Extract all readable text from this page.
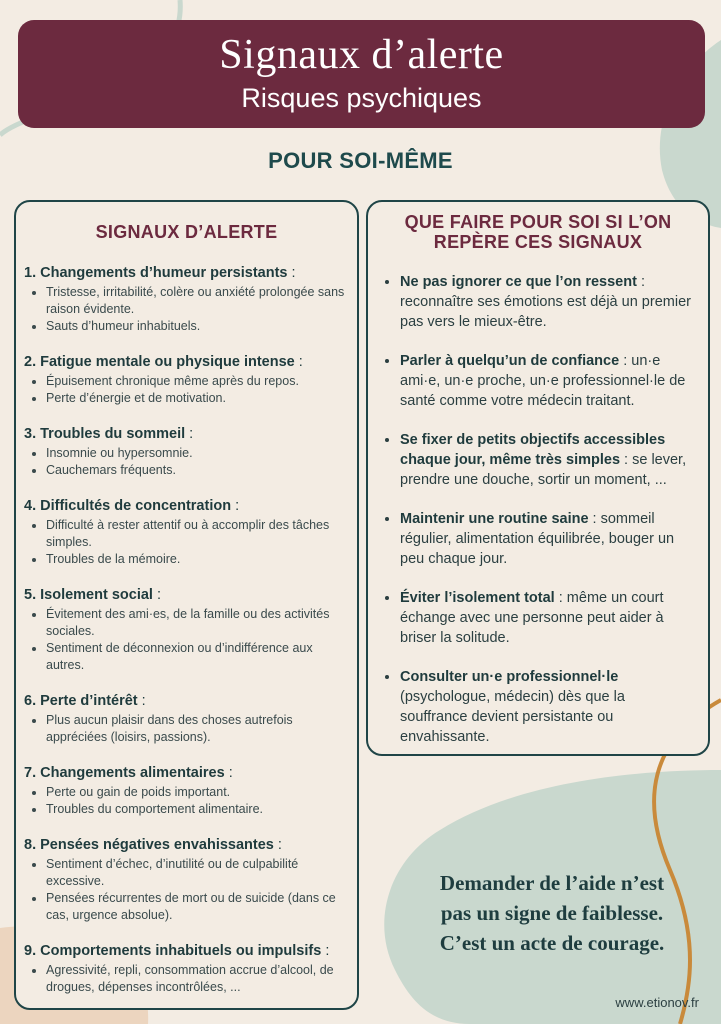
Signaux d’alerte
Risques psychiques
POUR SOI-MÊME
SIGNAUX D’ALERTE
1. Changements d’humeur persistants :
• Tristesse, irritabilité, colère ou anxiété prolongée sans raison évidente.
• Sauts d’humeur inhabituels.
2. Fatigue mentale ou physique intense :
• Épuisement chronique même après du repos.
• Perte d’énergie et de motivation.
3. Troubles du sommeil :
• Insomnie ou hypersomnie.
• Cauchemars fréquents.
4. Difficultés de concentration :
• Difficulté à rester attentif ou à accomplir des tâches simples.
• Troubles de la mémoire.
5. Isolement social :
• Évitement des ami·es, de la famille ou des activités sociales.
• Sentiment de déconnexion ou d’indifférence aux autres.
6. Perte d’intérêt :
• Plus aucun plaisir dans des choses autrefois appréciées (loisirs, passions).
7. Changements alimentaires :
• Perte ou gain de poids important.
• Troubles du comportement alimentaire.
8. Pensées négatives envahissantes :
• Sentiment d’échec, d’inutilité ou de culpabilité excessive.
• Pensées récurrentes de mort ou de suicide (dans ce cas, urgence absolue).
9. Comportements inhabituels ou impulsifs :
• Agressivité, repli, consommation accrue d’alcool, de drogues, dépenses incontrôlées, ...
QUE FAIRE POUR SOI SI L’ON REPÈRE CES SIGNAUX
• Ne pas ignorer ce que l’on ressent : reconnaître ses émotions est déjà un premier pas vers le mieux-être.
• Parler à quelqu’un de confiance : un·e ami·e, un·e proche, un·e professionnel·le de santé comme votre médecin traitant.
• Se fixer de petits objectifs accessibles chaque jour, même très simples : se lever, prendre une douche, sortir un moment, ...
• Maintenir une routine saine : sommeil régulier, alimentation équilibrée, bouger un peu chaque jour.
• Éviter l’isolement total : même un court échange avec une personne peut aider à briser la solitude.
• Consulter un·e professionnel·le (psychologue, médecin) dès que la souffrance devient persistante ou envahissante.
Demander de l’aide n’est
pas un signe de faiblesse.
C’est un acte de courage.
www.etionov.fr
